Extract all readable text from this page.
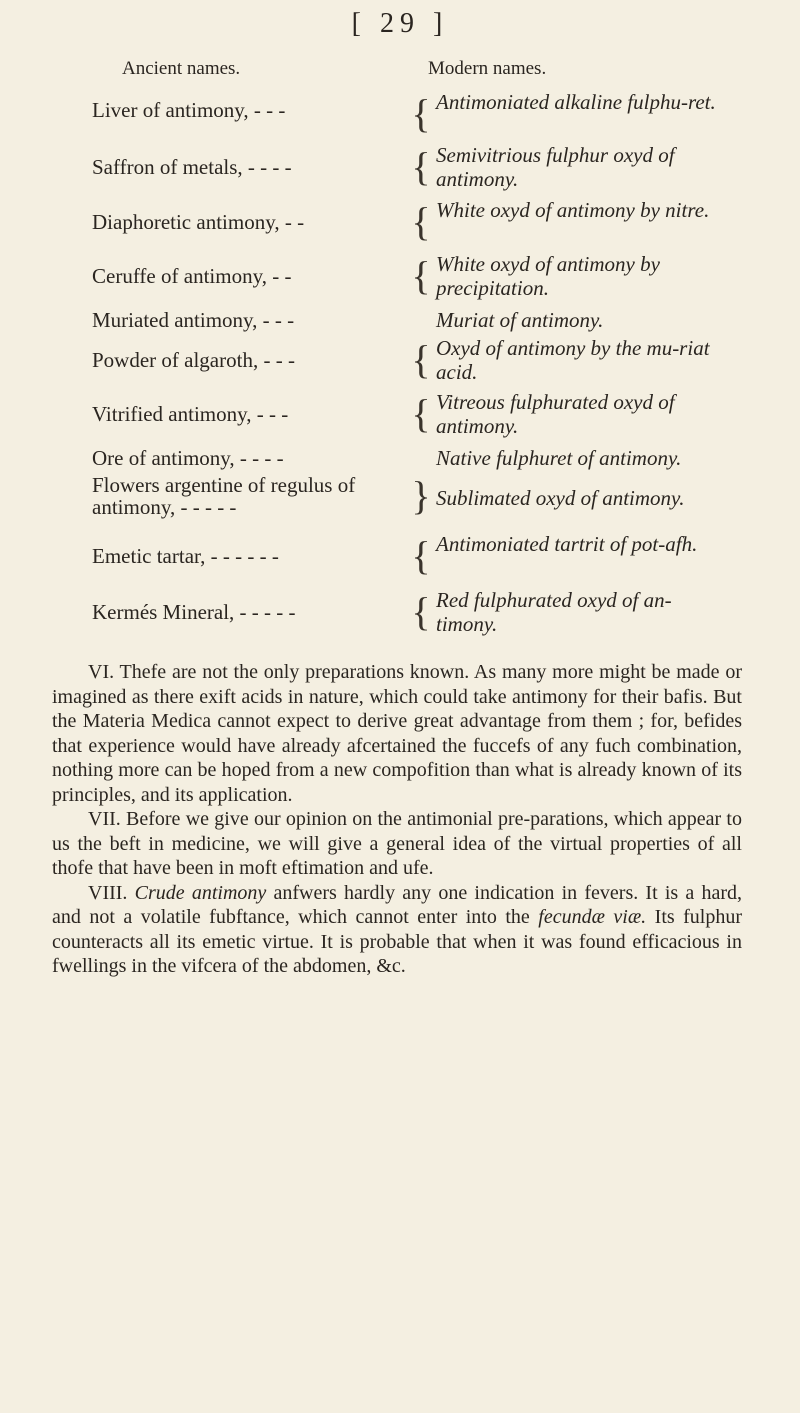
[ 29 ]
Ancient names.	Modern names.
Liver of antimony, - - -	{ Antimoniated alkaline fulphu-ret.
Saffron of metals, - - - -	{ Semivitrious fulphur oxyd of antimony.
Diaphoretic antimony, - -	{ White oxyd of antimony by nitre.
Ceruffe of antimony, - -	{ White oxyd of antimony by precipitation.
Muriated antimony, - - -	Muriat of antimony.
Powder of algaroth, - - -	{ Oxyd of antimony by the mu-riat acid.
Vitrified antimony, - - -	{ Vitreous fulphurated oxyd of antimony.
Ore of antimony, - - - -	Native fulphuret of antimony.
Flowers argentine of regulus of antimony, - - - - -	} Sublimated oxyd of antimony.
Emetic tartar, - - - - - -	{ Antimoniated tartrit of pot-afh.
Kermés Mineral, - - - - -	{ Red fulphurated oxyd of an-timony.

VI. Thefe are not the only preparations known. As many more might be made or imagined as there exift acids in nature, which could take antimony for their bafis. But the Materia Medica cannot expect to derive great advantage from them ; for, befides that experience would have already afcertained the fuccefs of any fuch combination, nothing more can be hoped from a new compofition than what is already known of its principles, and its application.

VII. Before we give our opinion on the antimonial pre-parations, which appear to us the beft in medicine, we will give a general idea of the virtual properties of all thofe that have been in moft eftimation and ufe.

VIII. Crude antimony anfwers hardly any one indication in fevers. It is a hard, and not a volatile fubftance, which cannot enter into the fecundæ viæ. Its fulphur counteracts all its emetic virtue. It is probable that when it was found efficacious in fwellings in the vifcera of the abdomen, &c.
